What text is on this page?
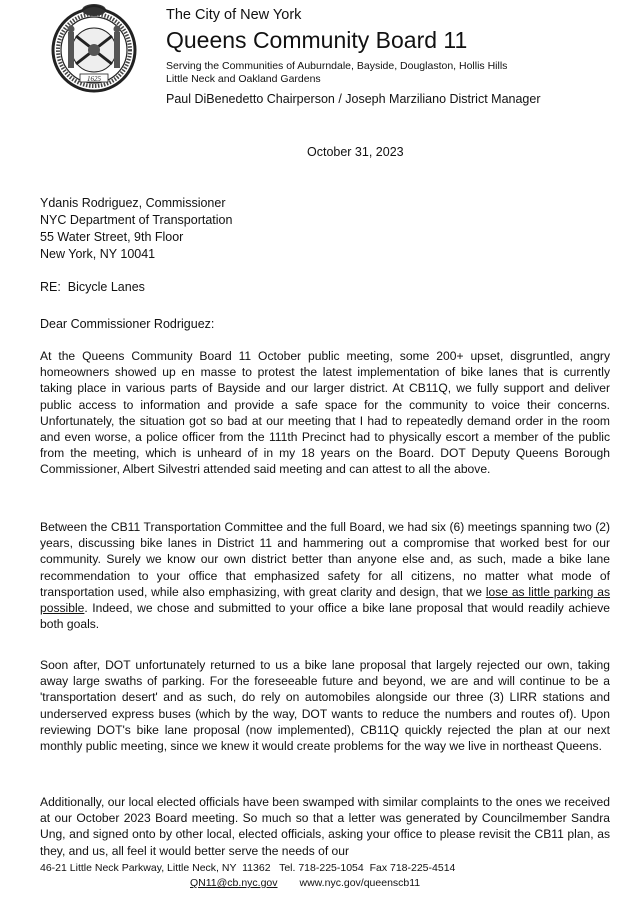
1625

The City of New York

Queens Community Board 11

Serving the Communities of Auburndale, Bayside, Douglaston, Hollis Hills

Little Neck and Oakland Gardens

Paul DiBenedetto Chairperson / Joseph Marziliano District Manager

October 31, 2023
Ydanis Rodriguez, Commissioner
NYC Department of Transportation
55 Water Street, 9th Floor
New York, NY 10041
RE:  Bicycle Lanes
Dear Commissioner Rodriguez:

At the Queens Community Board 11 October public meeting, some 200+ upset, disgruntled, angry homeowners showed up en masse to protest the latest implementation of bike lanes that is currently taking place in various parts of Bayside and our larger district. At CB11Q, we fully support and deliver public access to information and provide a safe space for the community to voice their concerns. Unfortunately, the situation got so bad at our meeting that I had to repeatedly demand order in the room and even worse, a police officer from the 111th Precinct had to physically escort a member of the public from the meeting, which is unheard of in my 18 years on the Board. DOT Deputy Queens Borough Commissioner, Albert Silvestri attended said meeting and can attest to all the above.

Between the CB11 Transportation Committee and the full Board, we had six (6) meetings spanning two (2) years, discussing bike lanes in District 11 and hammering out a compromise that worked best for our community. Surely we know our own district better than anyone else and, as such, made a bike lane recommendation to your office that emphasized safety for all citizens, no matter what mode of transportation used, while also emphasizing, with great clarity and design, that we lose as little parking as possible. Indeed, we chose and submitted to your office a bike lane proposal that would readily achieve both goals.

Soon after, DOT unfortunately returned to us a bike lane proposal that largely rejected our own, taking away large swaths of parking. For the foreseeable future and beyond, we are and will continue to be a 'transportation desert' and as such, do rely on automobiles alongside our three (3) LIRR stations and underserved express buses (which by the way, DOT wants to reduce the numbers and routes of). Upon reviewing DOT's bike lane proposal (now implemented), CB11Q quickly rejected the plan at our next monthly public meeting, since we knew it would create problems for the way we live in northeast Queens.

Additionally, our local elected officials have been swamped with similar complaints to the ones we received at our October 2023 Board meeting. So much so that a letter was generated by Councilmember Sandra Ung, and signed onto by other local, elected officials, asking your office to please revisit the CB11 plan, as they, and us, all feel it would better serve the needs of our

46-21 Little Neck Parkway, Little Neck, NY  11362   Tel. 718-225-1054  Fax 718-225-4514
QN11@cb.nyc.gov www.nyc.gov/queenscb11
